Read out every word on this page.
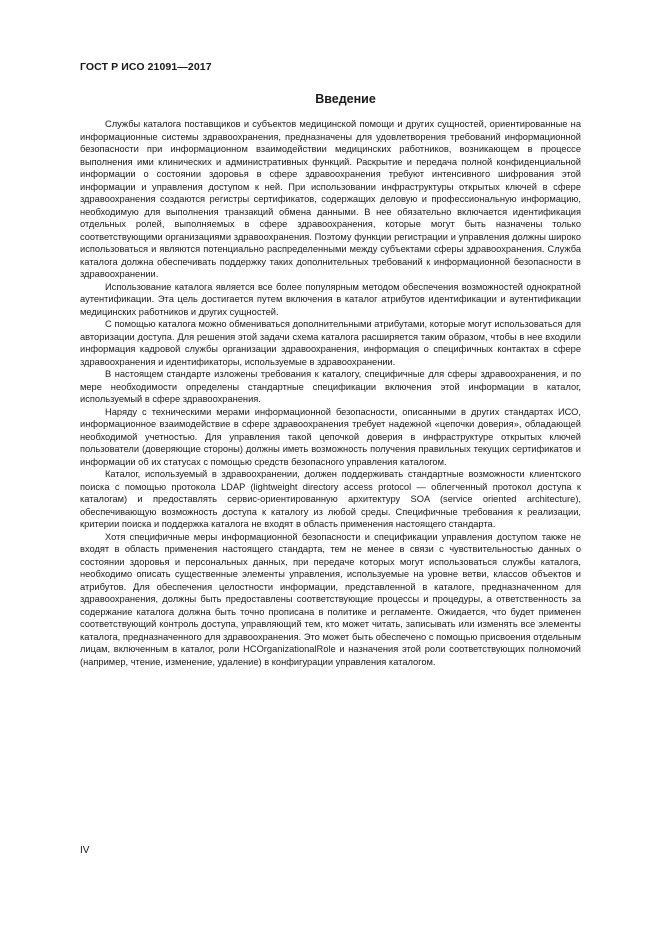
ГОСТ Р ИСО 21091—2017
Введение

Службы каталога поставщиков и субъектов медицинской помощи и других сущностей, ориентированные на информационные системы здравоохранения, предназначены для удовлетворения требований информационной безопасности при информационном взаимодействии медицинских работников, возникающем в процессе выполнения ими клинических и административных функций. Раскрытие и передача полной конфиденциальной информации о состоянии здоровья в сфере здравоохранения требуют интенсивного шифрования этой информации и управления доступом к ней. При использовании инфраструктуры открытых ключей в сфере здравоохранения создаются регистры сертификатов, содержащих деловую и профессиональную информацию, необходимую для выполнения транзакций обмена данными. В нее обязательно включается идентификация отдельных ролей, выполняемых в сфере здравоохранения, которые могут быть назначены только соответствующими организациями здравоохранения. Поэтому функции регистрации и управления должны широко использоваться и являются потенциально распределенными между субъектами сферы здравоохранения. Служба каталога должна обеспечивать поддержку таких дополнительных требований к информационной безопасности в здравоохранении.

Использование каталога является все более популярным методом обеспечения возможностей однократной аутентификации. Эта цель достигается путем включения в каталог атрибутов идентификации и аутентификации медицинских работников и других сущностей.

С помощью каталога можно обмениваться дополнительными атрибутами, которые могут использоваться для авторизации доступа. Для решения этой задачи схема каталога расширяется таким образом, чтобы в нее входили информация кадровой службы организации здравоохранения, информация о специфичных контактах в сфере здравоохранения и идентификаторы, используемые в здравоохранении.

В настоящем стандарте изложены требования к каталогу, специфичные для сферы здравоохранения, и по мере необходимости определены стандартные спецификации включения этой информации в каталог, используемый в сфере здравоохранения.

Наряду с техническими мерами информационной безопасности, описанными в других стандартах ИСО, информационное взаимодействие в сфере здравоохранения требует надежной «цепочки доверия», обладающей необходимой учетностью. Для управления такой цепочкой доверия в инфраструктуре открытых ключей пользователи (доверяющие стороны) должны иметь возможность получения правильных текущих сертификатов и информации об их статусах с помощью средств безопасного управления каталогом.

Каталог, используемый в здравоохранении, должен поддерживать стандартные возможности клиентского поиска с помощью протокола LDAP (lightweight directory access protocol — облегченный протокол доступа к каталогам) и предоставлять сервис-ориентированную архитектуру SOA (service oriented architecture), обеспечивающую возможность доступа к каталогу из любой среды. Специфичные требования к реализации, критерии поиска и поддержка каталога не входят в область применения настоящего стандарта.

Хотя специфичные меры информационной безопасности и спецификации управления доступом также не входят в область применения настоящего стандарта, тем не менее в связи с чувствительностью данных о состоянии здоровья и персональных данных, при передаче которых могут использоваться службы каталога, необходимо описать существенные элементы управления, используемые на уровне ветви, классов объектов и атрибутов. Для обеспечения целостности информации, представленной в каталоге, предназначенном для здравоохранения, должны быть предоставлены соответствующие процессы и процедуры, а ответственность за содержание каталога должна быть точно прописана в политике и регламенте. Ожидается, что будет применен соответствующий контроль доступа, управляющий тем, кто может читать, записывать или изменять все элементы каталога, предназначенного для здравоохранения. Это может быть обеспечено с помощью присвоения отдельным лицам, включенным в каталог, роли HCOrganizationalRole и назначения этой роли соответствующих полномочий (например, чтение, изменение, удаление) в конфигурации управления каталогом.

IV
